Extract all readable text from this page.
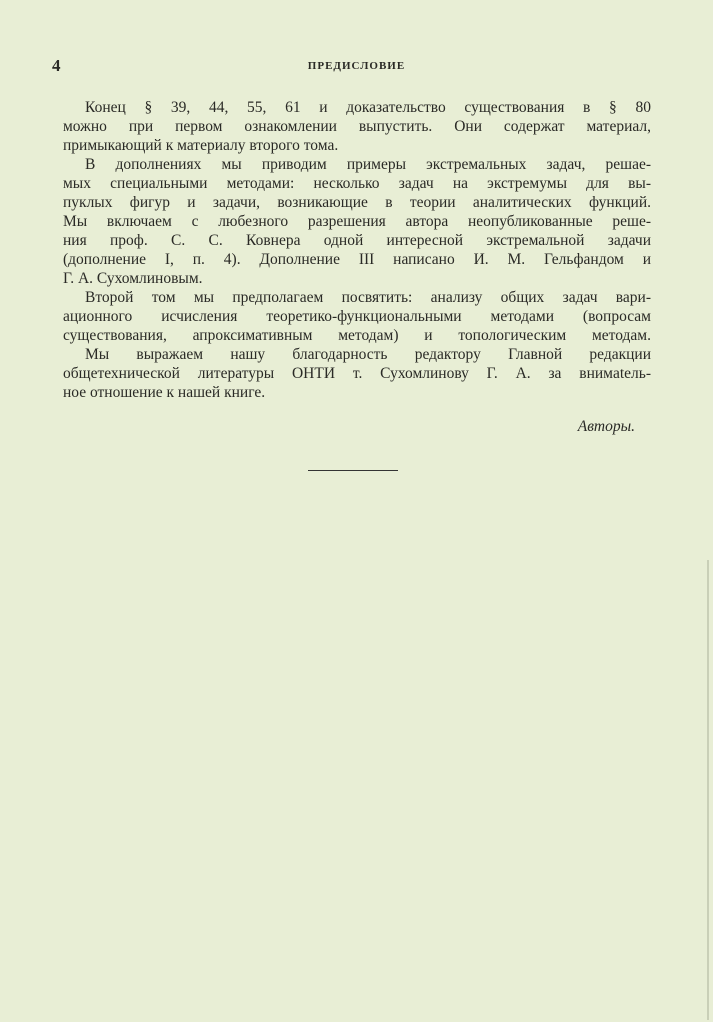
4	ПРЕДИСЛОВИЕ
Конец § 39, 44, 55, 61 и доказательство существования в § 80
можно при первом ознакомлении выпустить. Они содержат материал,
примыкающий к материалу второго тома.
В дополнениях мы приводим примеры экстремальных задач, решае-
мых специальными методами: несколько задач на экстремумы для вы-
пуклых фигур и задачи, возникающие в теории аналитических функций.
Мы включаем с любезного разрешения автора неопубликованные реше-
ния проф. С. С. Ковнера одной интересной экстремальной задачи
(дополнение I, п. 4). Дополнение III написано И. М. Гельфандом и
Г. А. Сухомлиновым.
Второй том мы предполагаем посвятить: анализу общих задач вари-
ационного исчисления теоретико-функциональными методами (вопросам
существования, апроксимативным методам) и топологическим методам.
Мы выражаем нашу благодарность редактору Главной редакции
общетехнической литературы ОНТИ т. Сухомлинову Г. А. за внимatель-
ное отношение к нашей книге.
Авторы.
